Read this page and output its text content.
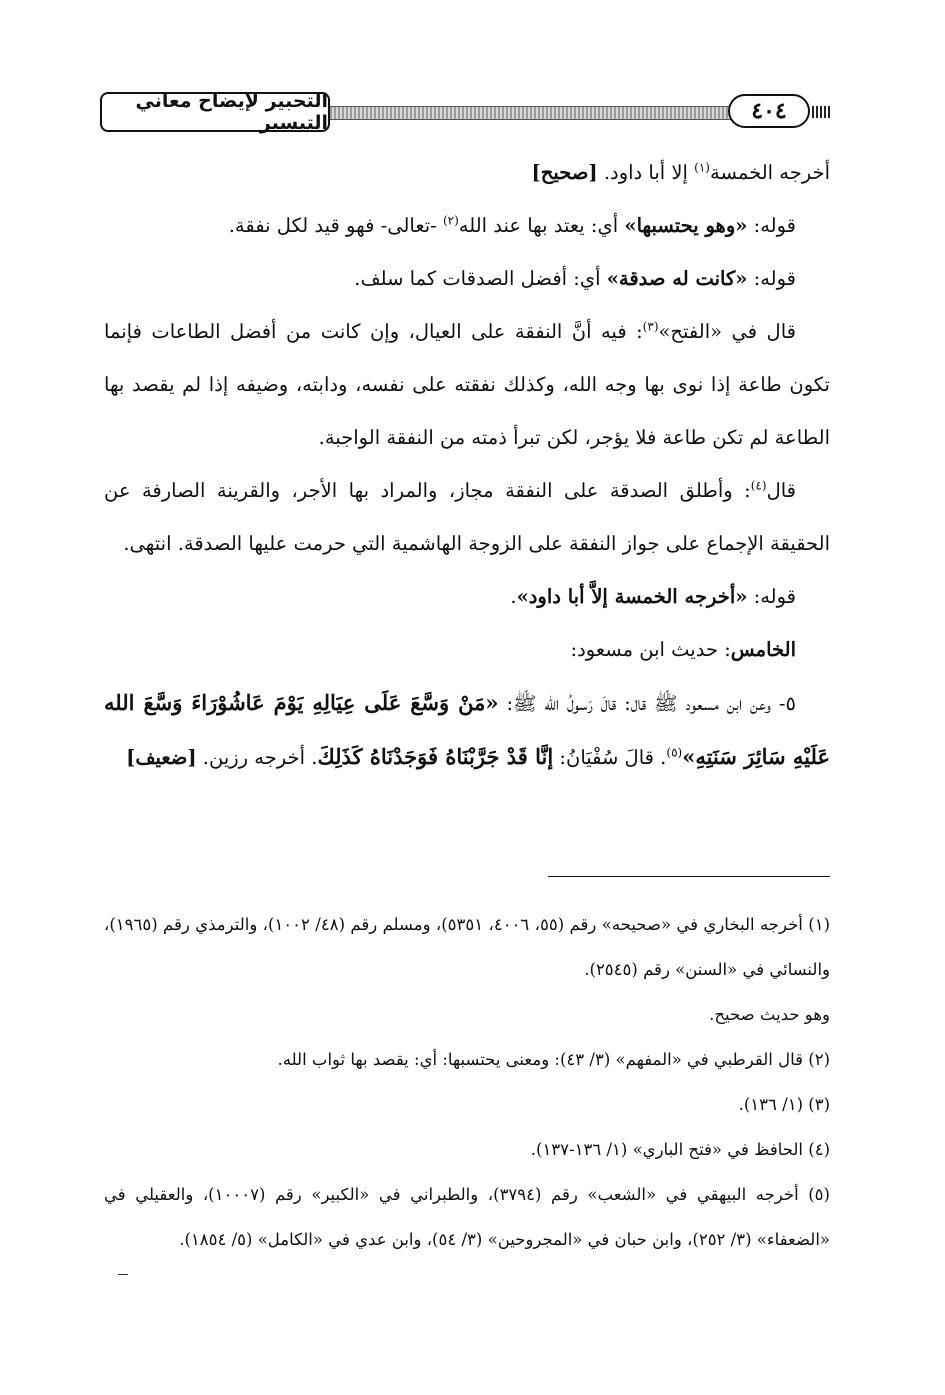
التحبير لإيضاح معاني التيسير	٤٠٤

أخرجه الخمسة$^{(١)}$ إلا أبا داود. [صحيح]

قوله: «وهو يحتسبها» أي: يعتد بها عند الله$^{(٢)}$ -تعالى- فهو قيد لكل نفقة.

قوله: «كانت له صدقة» أي: أفضل الصدقات كما سلف.

قال في «الفتح»$^{(٣)}$: فيه أنَّ النفقة على العيال، وإن كانت من أفضل الطاعات فإنما تكون طاعة إذا نوى بها وجه الله، وكذلك نفقته على نفسه، ودابته، وضيفه إذا لم يقصد بها الطاعة لم تكن طاعة فلا يؤجر، لكن تبرأ ذمته من النفقة الواجبة.

قال$^{(٤)}$: وأطلق الصدقة على النفقة مجاز، والمراد بها الأجر، والقرينة الصارفة عن الحقيقة الإجماع على جواز النفقة على الزوجة الهاشمية التي حرمت عليها الصدقة. انتهى.

قوله: «أخرجه الخمسة إلاَّ أبا داود».

الخامس: حديث ابن مسعود:

٥- وعن ابن مسعود ﷺ قال: قالَ رَسولُ الله ﷺ: «مَنْ وَسَّعَ عَلَى عِيَالِهِ يَوْمَ عَاشُوْرَاءَ وَسَّعَ الله عَلَيْهِ سَائِرَ سَنَتِهِ»$^{(٥)}$. قالَ سُفْيَانُ: إنَّا قَدْ جَرَّبْنَاهُ فَوَجَدْنَاهُ كَذَلِكَ. أخرجه رزين. [ضعيف]

(١) أخرجه البخاري في «صحيحه» رقم (٥٥، ٤٠٠٦، ٥٣٥١)، ومسلم رقم (٤٨/ ١٠٠٢)، والترمذي رقم (١٩٦٥)، والنسائي في «السنن» رقم (٢٥٤٥).

وهو حديث صحيح.

(٢) قال القرطبي في «المفهم» (٣/ ٤٣): ومعنى يحتسبها: أي: يقصد بها ثواب الله.

(٣) (١/ ١٣٦).

(٤) الحافظ في «فتح الباري» (١/ ١٣٦-١٣٧).

(٥) أخرجه البيهقي في «الشعب» رقم (٣٧٩٤)، والطبراني في «الكبير» رقم (١٠٠٠٧)، والعقيلي في «الضعفاء» (٣/ ٢٥٢)، وابن حبان في «المجروحين» (٣/ ٥٤)، وابن عدي في «الكامل» (٥/ ١٨٥٤).
